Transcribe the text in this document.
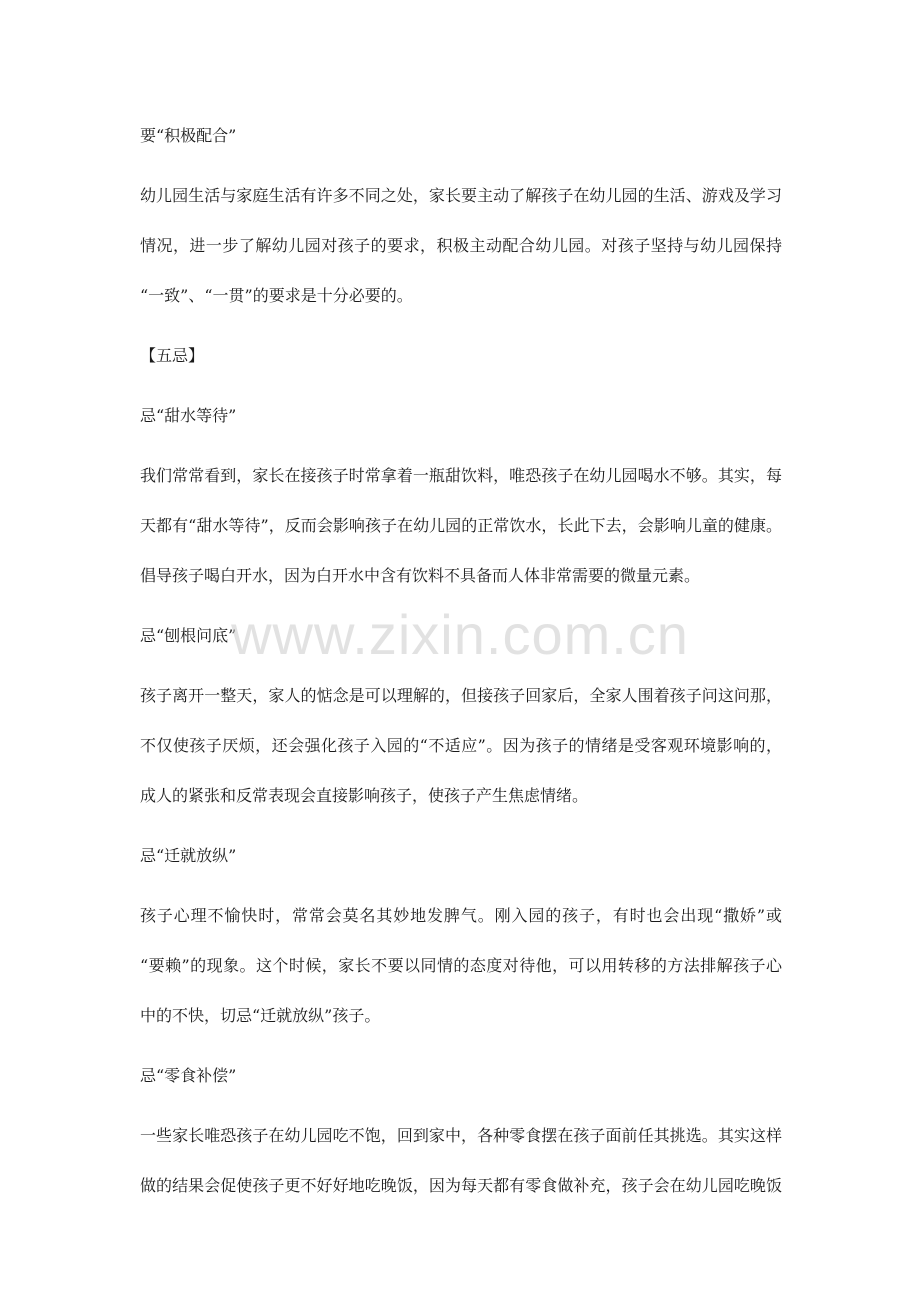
要“积极配合”
幼儿园生活与家庭生活有许多不同之处，家长要主动了解孩子在幼儿园的生活、游戏及学习
情况，进一步了解幼儿园对孩子的要求，积极主动配合幼儿园。对孩子坚持与幼儿园保持
“一致”、“一贯”的要求是十分必要的。
【五忌】
忌“甜水等待”
我们常常看到，家长在接孩子时常拿着一瓶甜饮料，唯恐孩子在幼儿园喝水不够。其实，每
天都有“甜水等待”，反而会影响孩子在幼儿园的正常饮水，长此下去，会影响儿童的健康。
倡导孩子喝白开水，因为白开水中含有饮料不具备而人体非常需要的微量元素。
忌“刨根问底”
孩子离开一整天，家人的惦念是可以理解的，但接孩子回家后，全家人围着孩子问这问那，
不仅使孩子厌烦，还会强化孩子入园的“不适应”。因为孩子的情绪是受客观环境影响的，
成人的紧张和反常表现会直接影响孩子，使孩子产生焦虑情绪。
忌“迁就放纵”
孩子心理不愉快时，常常会莫名其妙地发脾气。刚入园的孩子，有时也会出现“撒娇”或
“要赖”的现象。这个时候，家长不要以同情的态度对待他，可以用转移的方法排解孩子心
中的不快，切忌“迁就放纵”孩子。
忌“零食补偿”
一些家长唯恐孩子在幼儿园吃不饱，回到家中，各种零食摆在孩子面前任其挑选。其实这样
做的结果会促使孩子更不好好地吃晚饭，因为每天都有零食做补充，孩子会在幼儿园吃晚饭
www.zixin.com.cn
